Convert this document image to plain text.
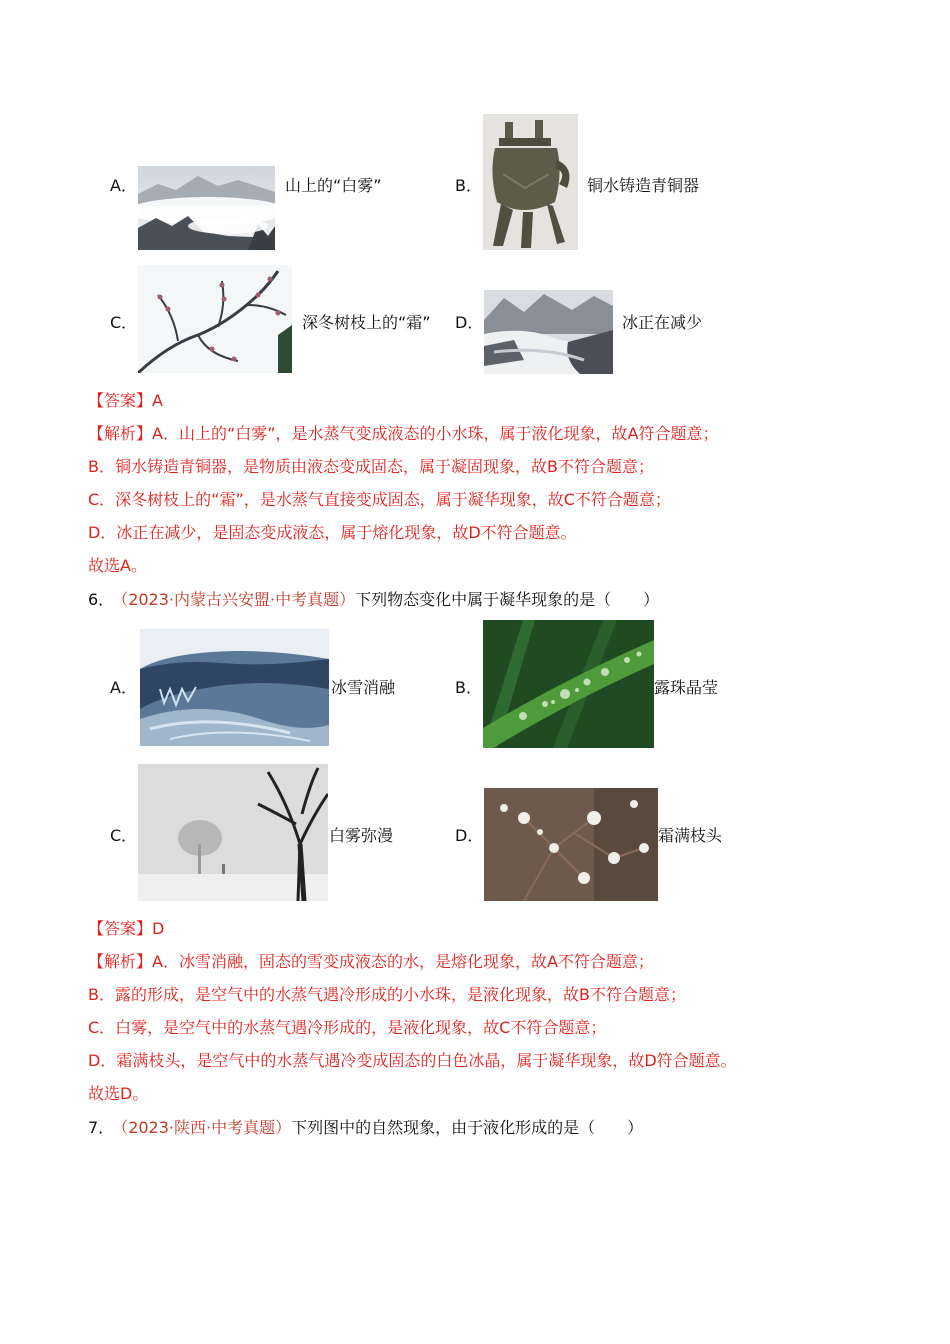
A．	山上的“白雾”	B．	铜水铸造青铜器
C．	深冬树枝上的“霜” D．	冰正在减少
【答案】A
【解析】A．山上的“白雾”，是水蒸气变成液态的小水珠，属于液化现象，故A符合题意；
B．铜水铸造青铜器，是物质由液态变成固态，属于凝固现象，故B不符合题意；
C．深冬树枝上的“霜”，是水蒸气直接变成固态，属于凝华现象，故C不符合题意；
D．冰正在减少，是固态变成液态，属于熔化现象，故D不符合题意。
故选A。
6． （2023·内蒙古兴安盟·中考真题）下列物态变化中属于凝华现象的是（　　）
A．	冰雪消融	B．	露珠晶莹
C．	白雾弥漫	D．	霜满枝头
【答案】D
【解析】A．冰雪消融，固态的雪变成液态的水，是熔化现象，故A不符合题意；
B．露的形成，是空气中的水蒸气遇冷形成的小水珠，是液化现象，故B不符合题意；
C．白雾，是空气中的水蒸气遇冷形成的，是液化现象，故C不符合题意；
D．霜满枝头，是空气中的水蒸气遇冷变成固态的白色冰晶，属于凝华现象，故D符合题意。
故选D。
7． （2023·陕西·中考真题）下列图中的自然现象，由于液化形成的是（　　）
